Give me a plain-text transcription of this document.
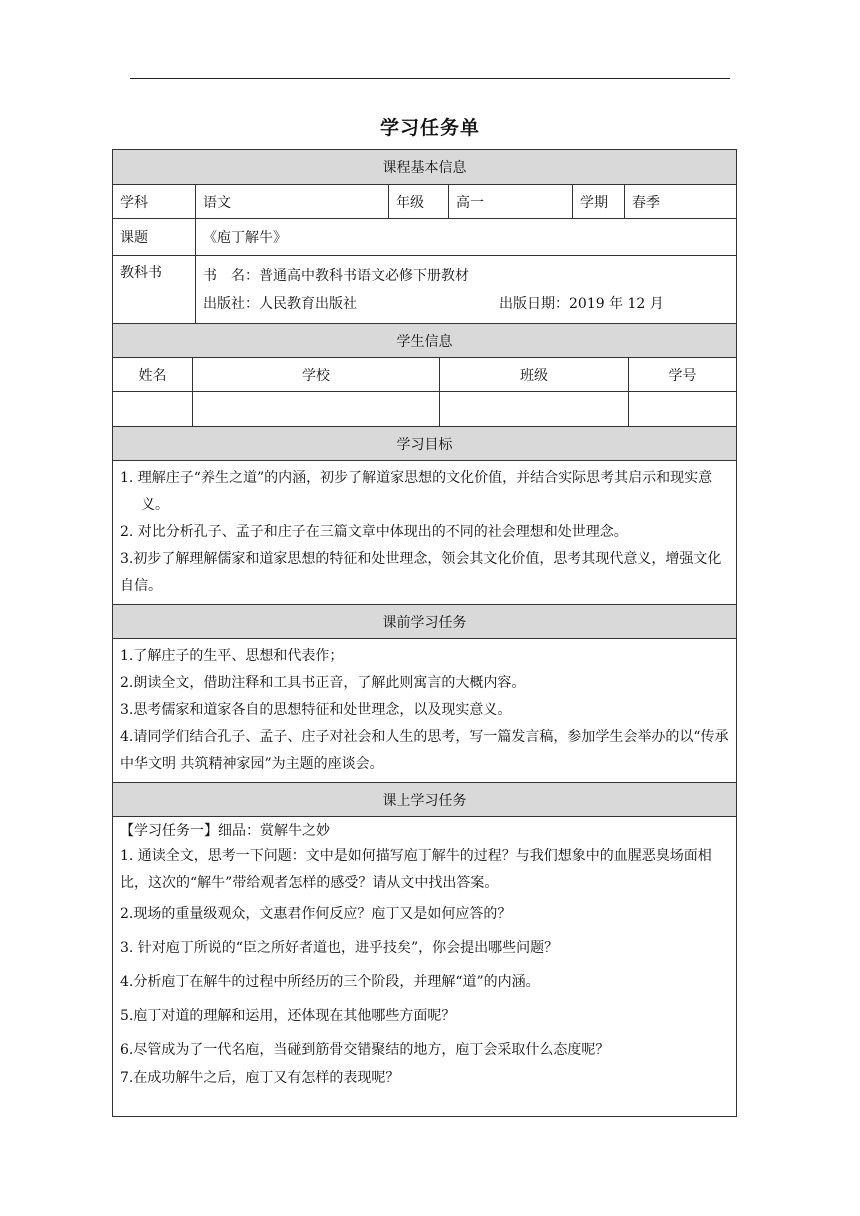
学习任务单
课程基本信息
学科	语文	年级	高一	学期	春季
课题	《庖丁解牛》
教科书	书　名： 普通高中教科书语文必修下册教材
出版社：人民教育出版社	出版日期：2019 年 12 月
学生信息
姓名	学校	班级	学号
学习目标

1. 理解庄子“养生之道”的内涵，初步了解道家思想的文化价值，并结合实际思考其启示和现实意义。

2. 对比分析孔子、孟子和庄子在三篇文章中体现出的不同的社会理想和处世理念。

3.初步了解理解儒家和道家思想的特征和处世理念，领会其文化价值，思考其现代意义，增强文化自信。

课前学习任务

1.了解庄子的生平、思想和代表作；

2.朗读全文，借助注释和工具书正音，了解此则寓言的大概内容。

3.思考儒家和道家各自的思想特征和处世理念，以及现实意义。

4.请同学们结合孔子、孟子、庄子对社会和人生的思考，写一篇发言稿，参加学生会举办的以“传承中华文明 共筑精神家园”为主题的座谈会。

课上学习任务

【学习任务一】细品：赏解牛之妙

1. 通读全文，思考一下问题：文中是如何描写庖丁解牛的过程？与我们想象中的血腥恶臭场面相比，这次的“解牛”带给观者怎样的感受？请从文中找出答案。

2.现场的重量级观众，文惠君作何反应？庖丁又是如何应答的？

3. 针对庖丁所说的“臣之所好者道也，进乎技矣”，你会提出哪些问题？

4.分析庖丁在解牛的过程中所经历的三个阶段，并理解“道”的内涵。

5.庖丁对道的理解和运用，还体现在其他哪些方面呢？

6.尽管成为了一代名庖，当碰到筋骨交错聚结的地方，庖丁会采取什么态度呢？

7.在成功解牛之后，庖丁又有怎样的表现呢？
